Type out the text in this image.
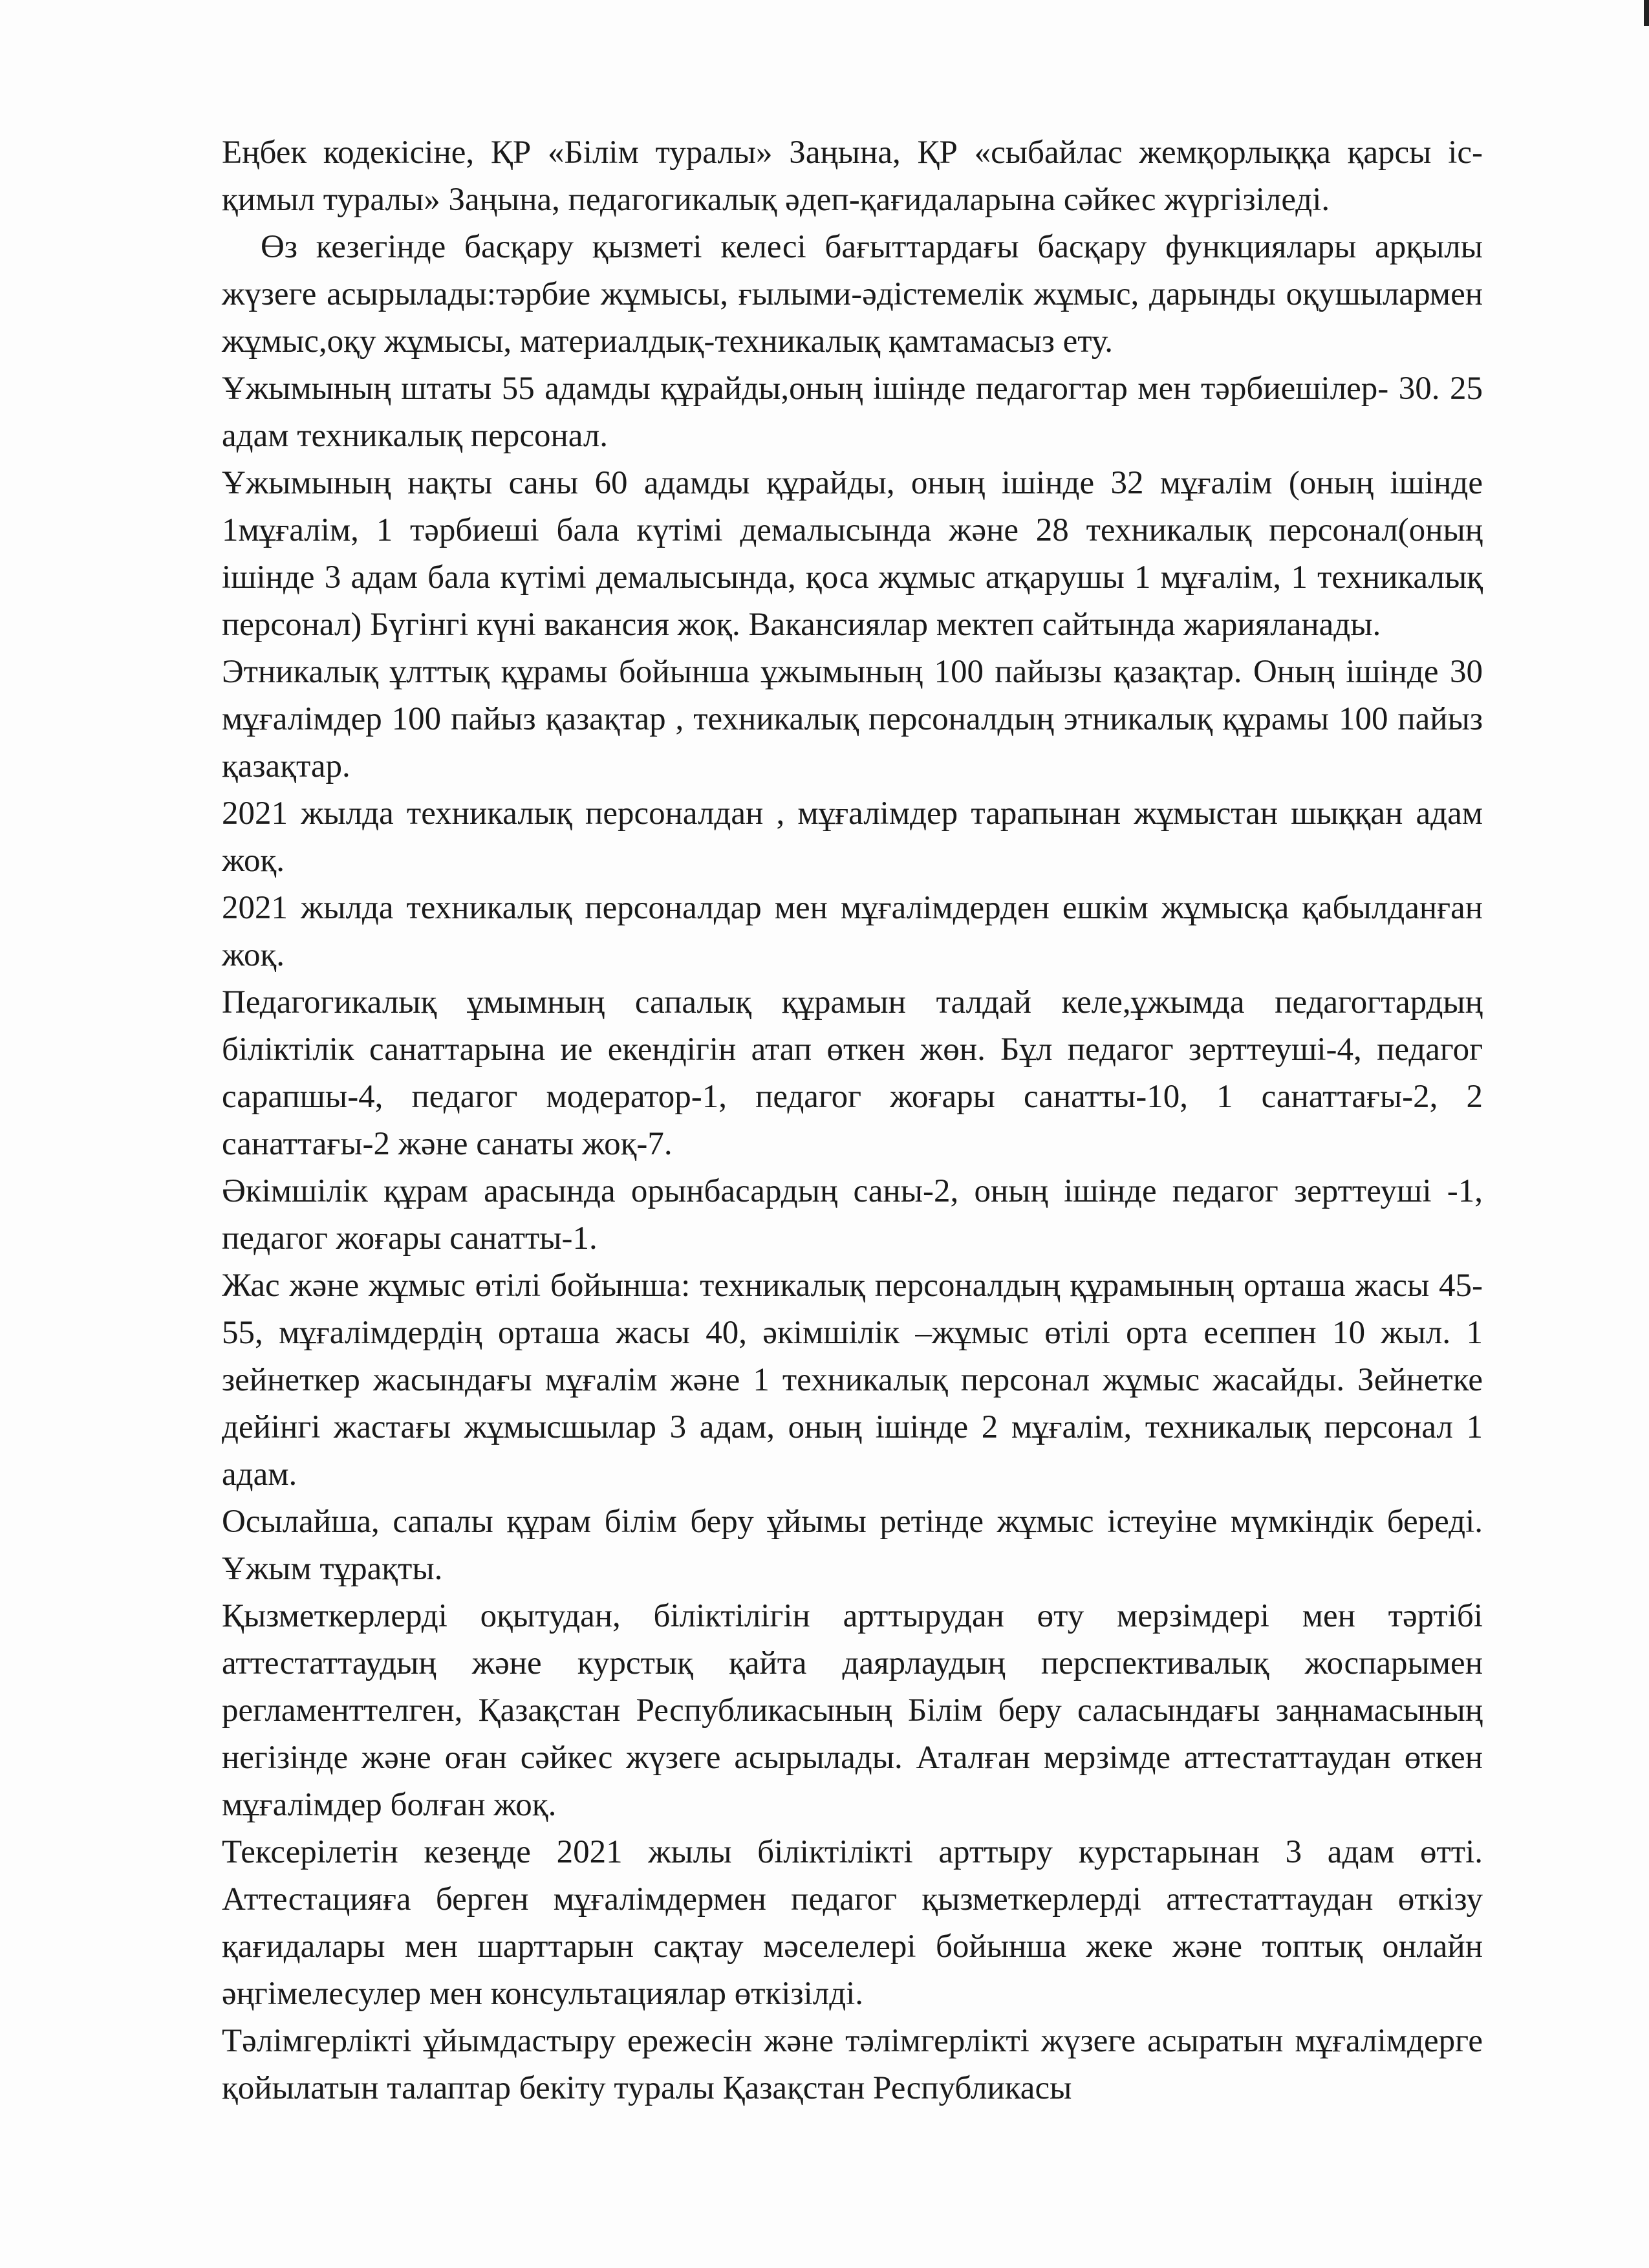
Еңбек кодекісіне, ҚР «Білім туралы» Заңына, ҚР «сыбайлас жемқорлыққа қарсы іс-қимыл туралы» Заңына, педагогикалық әдеп-қағидаларына сәйкес жүргізіледі.

Өз кезегінде басқару қызметі келесі бағыттардағы басқару функциялары арқылы жүзеге асырылады:тәрбие жұмысы, ғылыми-әдістемелік жұмыс, дарынды оқушылармен жұмыс,оқу жұмысы, материалдық-техникалық қамтамасыз ету.

Ұжымының штаты 55 адамды құрайды,оның ішінде педагогтар мен тәрбиешілер- 30. 25 адам техникалық персонал.

Ұжымының нақты саны 60 адамды құрайды, оның ішінде 32 мұғалім (оның ішінде 1мұғалім, 1 тәрбиеші бала күтімі демалысында және 28 техникалық персонал(оның ішінде 3 адам бала күтімі демалысында, қоса жұмыс атқарушы 1 мұғалім, 1 техникалық персонал) Бүгінгі күні вакансия жоқ. Вакансиялар мектеп сайтында жарияланады.

Этникалық ұлттық құрамы бойынша ұжымының 100 пайызы қазақтар. Оның ішінде 30 мұғалімдер 100 пайыз қазақтар , техникалық персоналдың этникалық құрамы 100 пайыз қазақтар.

2021 жылда техникалық персоналдан , мұғалімдер тарапынан жұмыстан шыққан адам жоқ.

2021 жылда техникалық персоналдар мен мұғалімдерден ешкім жұмысқа қабылданған жоқ.

Педагогикалық ұмымның сапалық құрамын талдай келе,ұжымда педагогтардың біліктілік санаттарына ие екендігін атап өткен жөн. Бұл педагог зерттеуші-4, педагог сарапшы-4, педагог модератор-1, педагог жоғары санатты-10, 1 санаттағы-2, 2 санаттағы-2 және санаты жоқ-7.

Әкімшілік құрам арасында орынбасардың саны-2, оның ішінде педагог зерттеуші -1, педагог жоғары санатты-1.

Жас және жұмыс өтілі бойынша: техникалық персоналдың құрамының орташа жасы 45-55, мұғалімдердің орташа жасы 40, әкімшілік –жұмыс өтілі орта есеппен 10 жыл. 1 зейнеткер жасындағы мұғалім және 1 техникалық персонал жұмыс жасайды. Зейнетке дейінгі жастағы жұмысшылар 3 адам, оның ішінде 2 мұғалім, техникалық персонал 1 адам.

Осылайша, сапалы құрам білім беру ұйымы ретінде жұмыс істеуіне мүмкіндік береді. Ұжым тұрақты.

Қызметкерлерді оқытудан, біліктілігін арттырудан өту мерзімдері мен тәртібі аттестаттаудың және курстық қайта даярлаудың перспективалық жоспарымен регламенттелген, Қазақстан Республикасының Білім беру саласындағы заңнамасының негізінде және оған сәйкес жүзеге асырылады. Аталған мерзімде аттестаттаудан өткен мұғалімдер болған жоқ.

Тексерілетін кезеңде 2021 жылы біліктілікті арттыру курстарынан 3 адам өтті. Аттестацияға берген мұғалімдермен педагог қызметкерлерді аттестаттаудан өткізу қағидалары мен шарттарын сақтау мәселелері бойынша жеке және топтық онлайн әңгімелесулер мен консультациялар өткізілді.

Тәлімгерлікті ұйымдастыру ережесін және тәлімгерлікті жүзеге асыратын мұғалімдерге қойылатын талаптар бекіту туралы Қазақстан Республикасы
